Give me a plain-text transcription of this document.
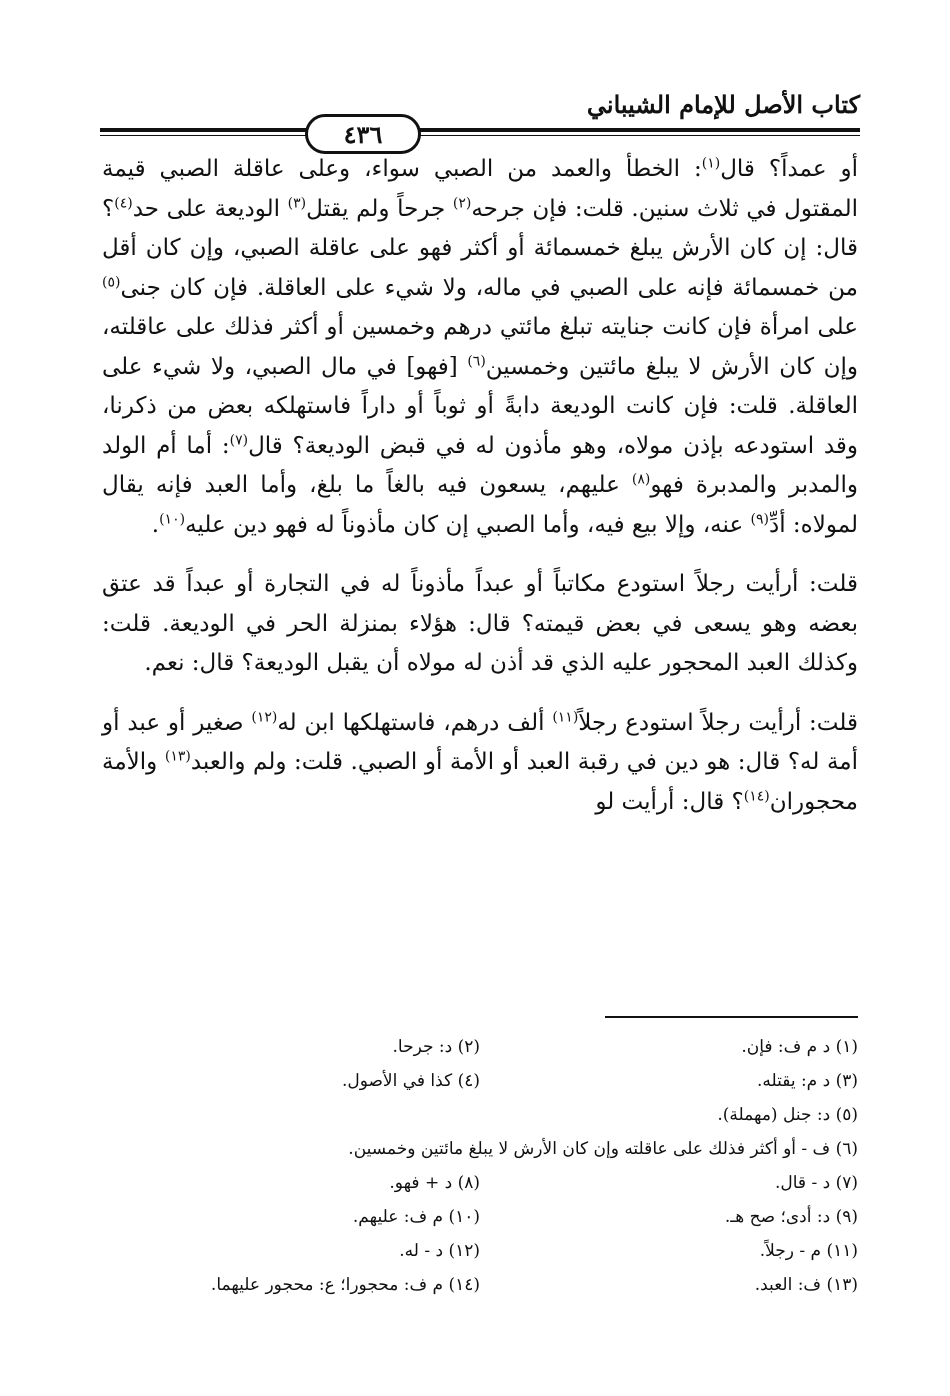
كتاب الأصل للإمام الشيباني
٤٣٦

أو عمداً؟ قال$^{(١)}$: الخطأ والعمد من الصبي سواء، وعلى عاقلة الصبي قيمة المقتول في ثلاث سنين. قلت: فإن جرحه$^{(٢)}$ جرحاً ولم يقتل$^{(٣)}$ الوديعة على حد$^{(٤)}$؟ قال: إن كان الأرش يبلغ خمسمائة أو أكثر فهو على عاقلة الصبي، وإن كان أقل من خمسمائة فإنه على الصبي في ماله، ولا شيء على العاقلة. فإن كان جنى$^{(٥)}$ على امرأة فإن كانت جنايته تبلغ مائتي درهم وخمسين أو أكثر فذلك على عاقلته، وإن كان الأرش لا يبلغ مائتين وخمسين$^{(٦)}$ [فهو] في مال الصبي، ولا شيء على العاقلة. قلت: فإن كانت الوديعة دابةً أو ثوباً أو داراً فاستهلكه بعض من ذكرنا، وقد استودعه بإذن مولاه، وهو مأذون له في قبض الوديعة؟ قال$^{(٧)}$: أما أم الولد والمدبر والمدبرة فهو$^{(٨)}$ عليهم، يسعون فيه بالغاً ما بلغ، وأما العبد فإنه يقال لمولاه: أدِّ$^{(٩)}$ عنه، وإلا بيع فيه، وأما الصبي إن كان مأذوناً له فهو دين عليه$^{(١٠)}$.

قلت: أرأيت رجلاً استودع مكاتباً أو عبداً مأذوناً له في التجارة أو عبداً قد عتق بعضه وهو يسعى في بعض قيمته؟ قال: هؤلاء بمنزلة الحر في الوديعة. قلت: وكذلك العبد المحجور عليه الذي قد أذن له مولاه أن يقبل الوديعة؟ قال: نعم.

قلت: أرأيت رجلاً استودع رجلاً$^{(١١)}$ ألف درهم، فاستهلكها ابن له$^{(١٢)}$ صغير أو عبد أو أمة له؟ قال: هو دين في رقبة العبد أو الأمة أو الصبي. قلت: ولم والعبد$^{(١٣)}$ والأمة محجوران$^{(١٤)}$؟ قال: أرأيت لو

(١) د م ف: فإن.
(٢) د: جرحا.
(٣) د م: يقتله.
(٤) كذا في الأصول.
(٥) د: جنل (مهملة).
(٦) ف - أو أكثر فذلك على عاقلته وإن كان الأرش لا يبلغ مائتين وخمسين.
(٧) د - قال.
(٨) د + فهو.
(٩) د: أدى؛ صح هـ.
(١٠) م ف: عليهم.
(١١) م - رجلاً.
(١٢) د - له.
(١٣) ف: العبد.
(١٤) م ف: محجورا؛ ع: محجور عليهما.
